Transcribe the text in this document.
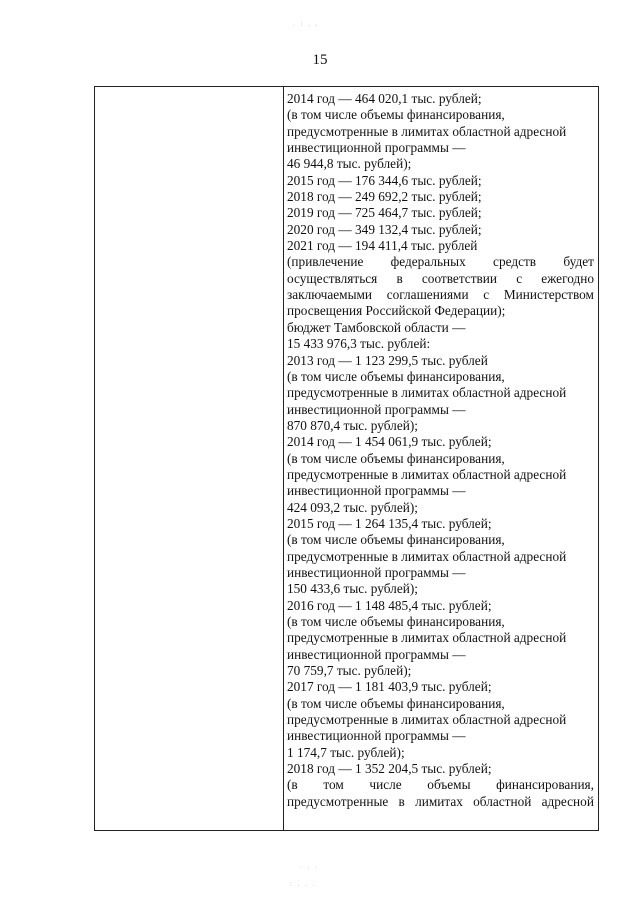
15
. : . .
. . .
: . . .
2014 год — 464 020,1 тыс. рублей;
(в том числе объемы финансирования,
предусмотренные в лимитах областной адресной
инвестиционной программы —
46 944,8 тыс. рублей);
2015 год — 176 344,6 тыс. рублей;
2018 год — 249 692,2 тыс. рублей;
2019 год — 725 464,7 тыс. рублей;
2020 год — 349 132,4 тыс. рублей;
2021 год — 194 411,4 тыс. рублей
(привлечение федеральных средств будет
осуществляться в соответствии с ежегодно
заключаемыми соглашениями с Министерством
просвещения Российской Федерации);
бюджет Тамбовской области —
15 433 976,3 тыс. рублей:
2013 год — 1 123 299,5 тыс. рублей
(в том числе объемы финансирования,
предусмотренные в лимитах областной адресной
инвестиционной программы —
870 870,4 тыс. рублей);
2014 год — 1 454 061,9 тыс. рублей;
(в том числе объемы финансирования,
предусмотренные в лимитах областной адресной
инвестиционной программы —
424 093,2 тыс. рублей);
2015 год — 1 264 135,4 тыс. рублей;
(в том числе объемы финансирования,
предусмотренные в лимитах областной адресной
инвестиционной программы —
150 433,6 тыс. рублей);
2016 год — 1 148 485,4 тыс. рублей;
(в том числе объемы финансирования,
предусмотренные в лимитах областной адресной
инвестиционной программы —
70 759,7 тыс. рублей);
2017 год — 1 181 403,9 тыс. рублей;
(в том числе объемы финансирования,
предусмотренные в лимитах областной адресной
инвестиционной программы —
1 174,7 тыс. рублей);
2018 год — 1 352 204,5 тыс. рублей;
(в том числе объемы финансирования,
предусмотренные в лимитах областной адресной
